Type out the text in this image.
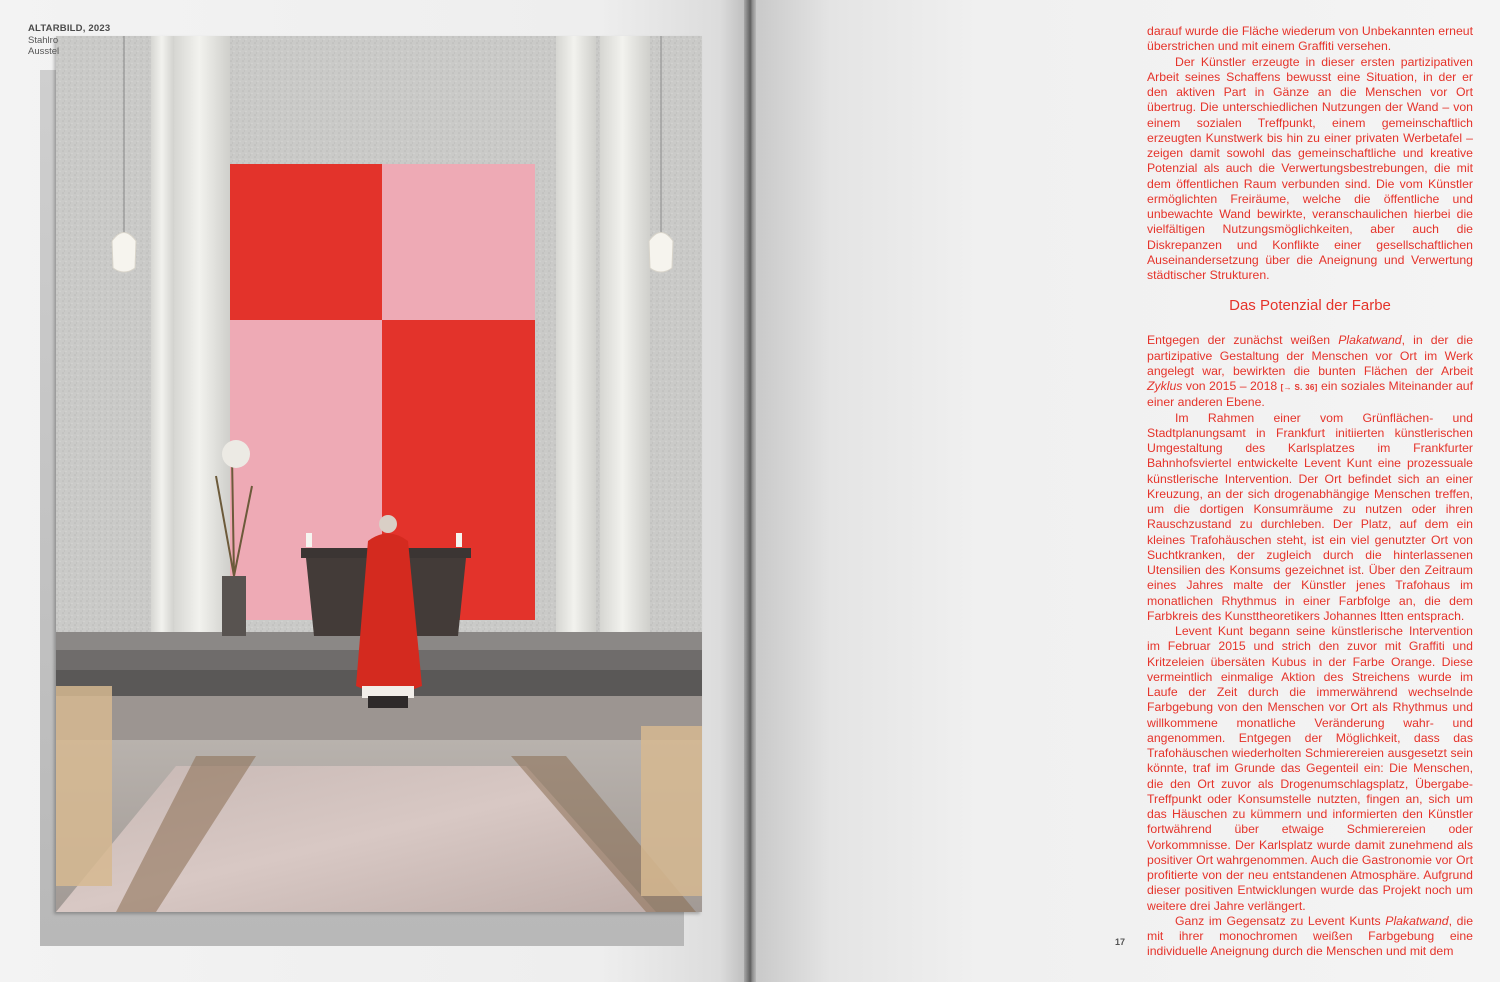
ALTARBILD, 2023
Stahlro
Ausstel

darauf wurde die Fläche wiederum von Unbekannten erneut überstrichen und mit einem Graffiti versehen.

Der Künstler erzeugte in dieser ersten partizipativen Arbeit seines Schaffens bewusst eine Situation, in der er den aktiven Part in Gänze an die Menschen vor Ort übertrug. Die unterschiedlichen Nutzungen der Wand – von einem sozialen Treffpunkt, einem gemeinschaftlich erzeugten Kunstwerk bis hin zu einer privaten Werbetafel – zeigen damit sowohl das gemeinschaftliche und kreative Potenzial als auch die Verwertungsbestrebungen, die mit dem öffentlichen Raum verbunden sind. Die vom Künstler ermöglichten Freiräume, welche die öffentliche und unbewachte Wand bewirkte, veranschaulichen hierbei die vielfältigen Nutzungsmöglichkeiten, aber auch die Diskrepanzen und Konflikte einer gesellschaftlichen Auseinandersetzung über die Aneignung und Verwertung städtischer Strukturen.

Das Potenzial der Farbe

Entgegen der zunächst weißen Plakatwand, in der die partizipative Gestaltung der Menschen vor Ort im Werk angelegt war, bewirkten die bunten Flächen der Arbeit Zyklus von 2015 – 2018 [→ S. 36] ein soziales Miteinander auf einer anderen Ebene.

Im Rahmen einer vom Grünflächen- und Stadtplanungsamt in Frankfurt initiierten künstlerischen Umgestaltung des Karlsplatzes im Frankfurter Bahnhofsviertel entwickelte Levent Kunt eine prozessuale künstlerische Intervention. Der Ort befindet sich an einer Kreuzung, an der sich drogenabhängige Menschen treffen, um die dortigen Konsumräume zu nutzen oder ihren Rauschzustand zu durchleben. Der Platz, auf dem ein kleines Trafohäuschen steht, ist ein viel genutzter Ort von Suchtkranken, der zugleich durch die hinterlassenen Utensilien des Konsums gezeichnet ist. Über den Zeitraum eines Jahres malte der Künstler jenes Trafohaus im monatlichen Rhythmus in einer Farbfolge an, die dem Farbkreis des Kunsttheoretikers Johannes Itten entsprach.

Levent Kunt begann seine künstlerische Intervention im Februar 2015 und strich den zuvor mit Graffiti und Kritzeleien übersäten Kubus in der Farbe Orange. Diese vermeintlich einmalige Aktion des Streichens wurde im Laufe der Zeit durch die immerwährend wechselnde Farbgebung von den Menschen vor Ort als Rhythmus und willkommene monatliche Veränderung wahr- und angenommen. Entgegen der Möglichkeit, dass das Trafohäuschen wiederholten Schmierereien ausgesetzt sein könnte, traf im Grunde das Gegenteil ein: Die Menschen, die den Ort zuvor als Drogenumschlagsplatz, Übergabe-Treffpunkt oder Konsumstelle nutzten, fingen an, sich um das Häuschen zu kümmern und informierten den Künstler fortwährend über etwaige Schmierereien oder Vorkommnisse. Der Karlsplatz wurde damit zunehmend als positiver Ort wahrgenommen. Auch die Gastronomie vor Ort profitierte von der neu entstandenen Atmosphäre. Aufgrund dieser positiven Entwicklungen wurde das Projekt noch um weitere drei Jahre verlängert.

Ganz im Gegensatz zu Levent Kunts Plakatwand, die mit ihrer monochromen weißen Farbgebung eine individuelle Aneignung durch die Menschen und mit dem

17
